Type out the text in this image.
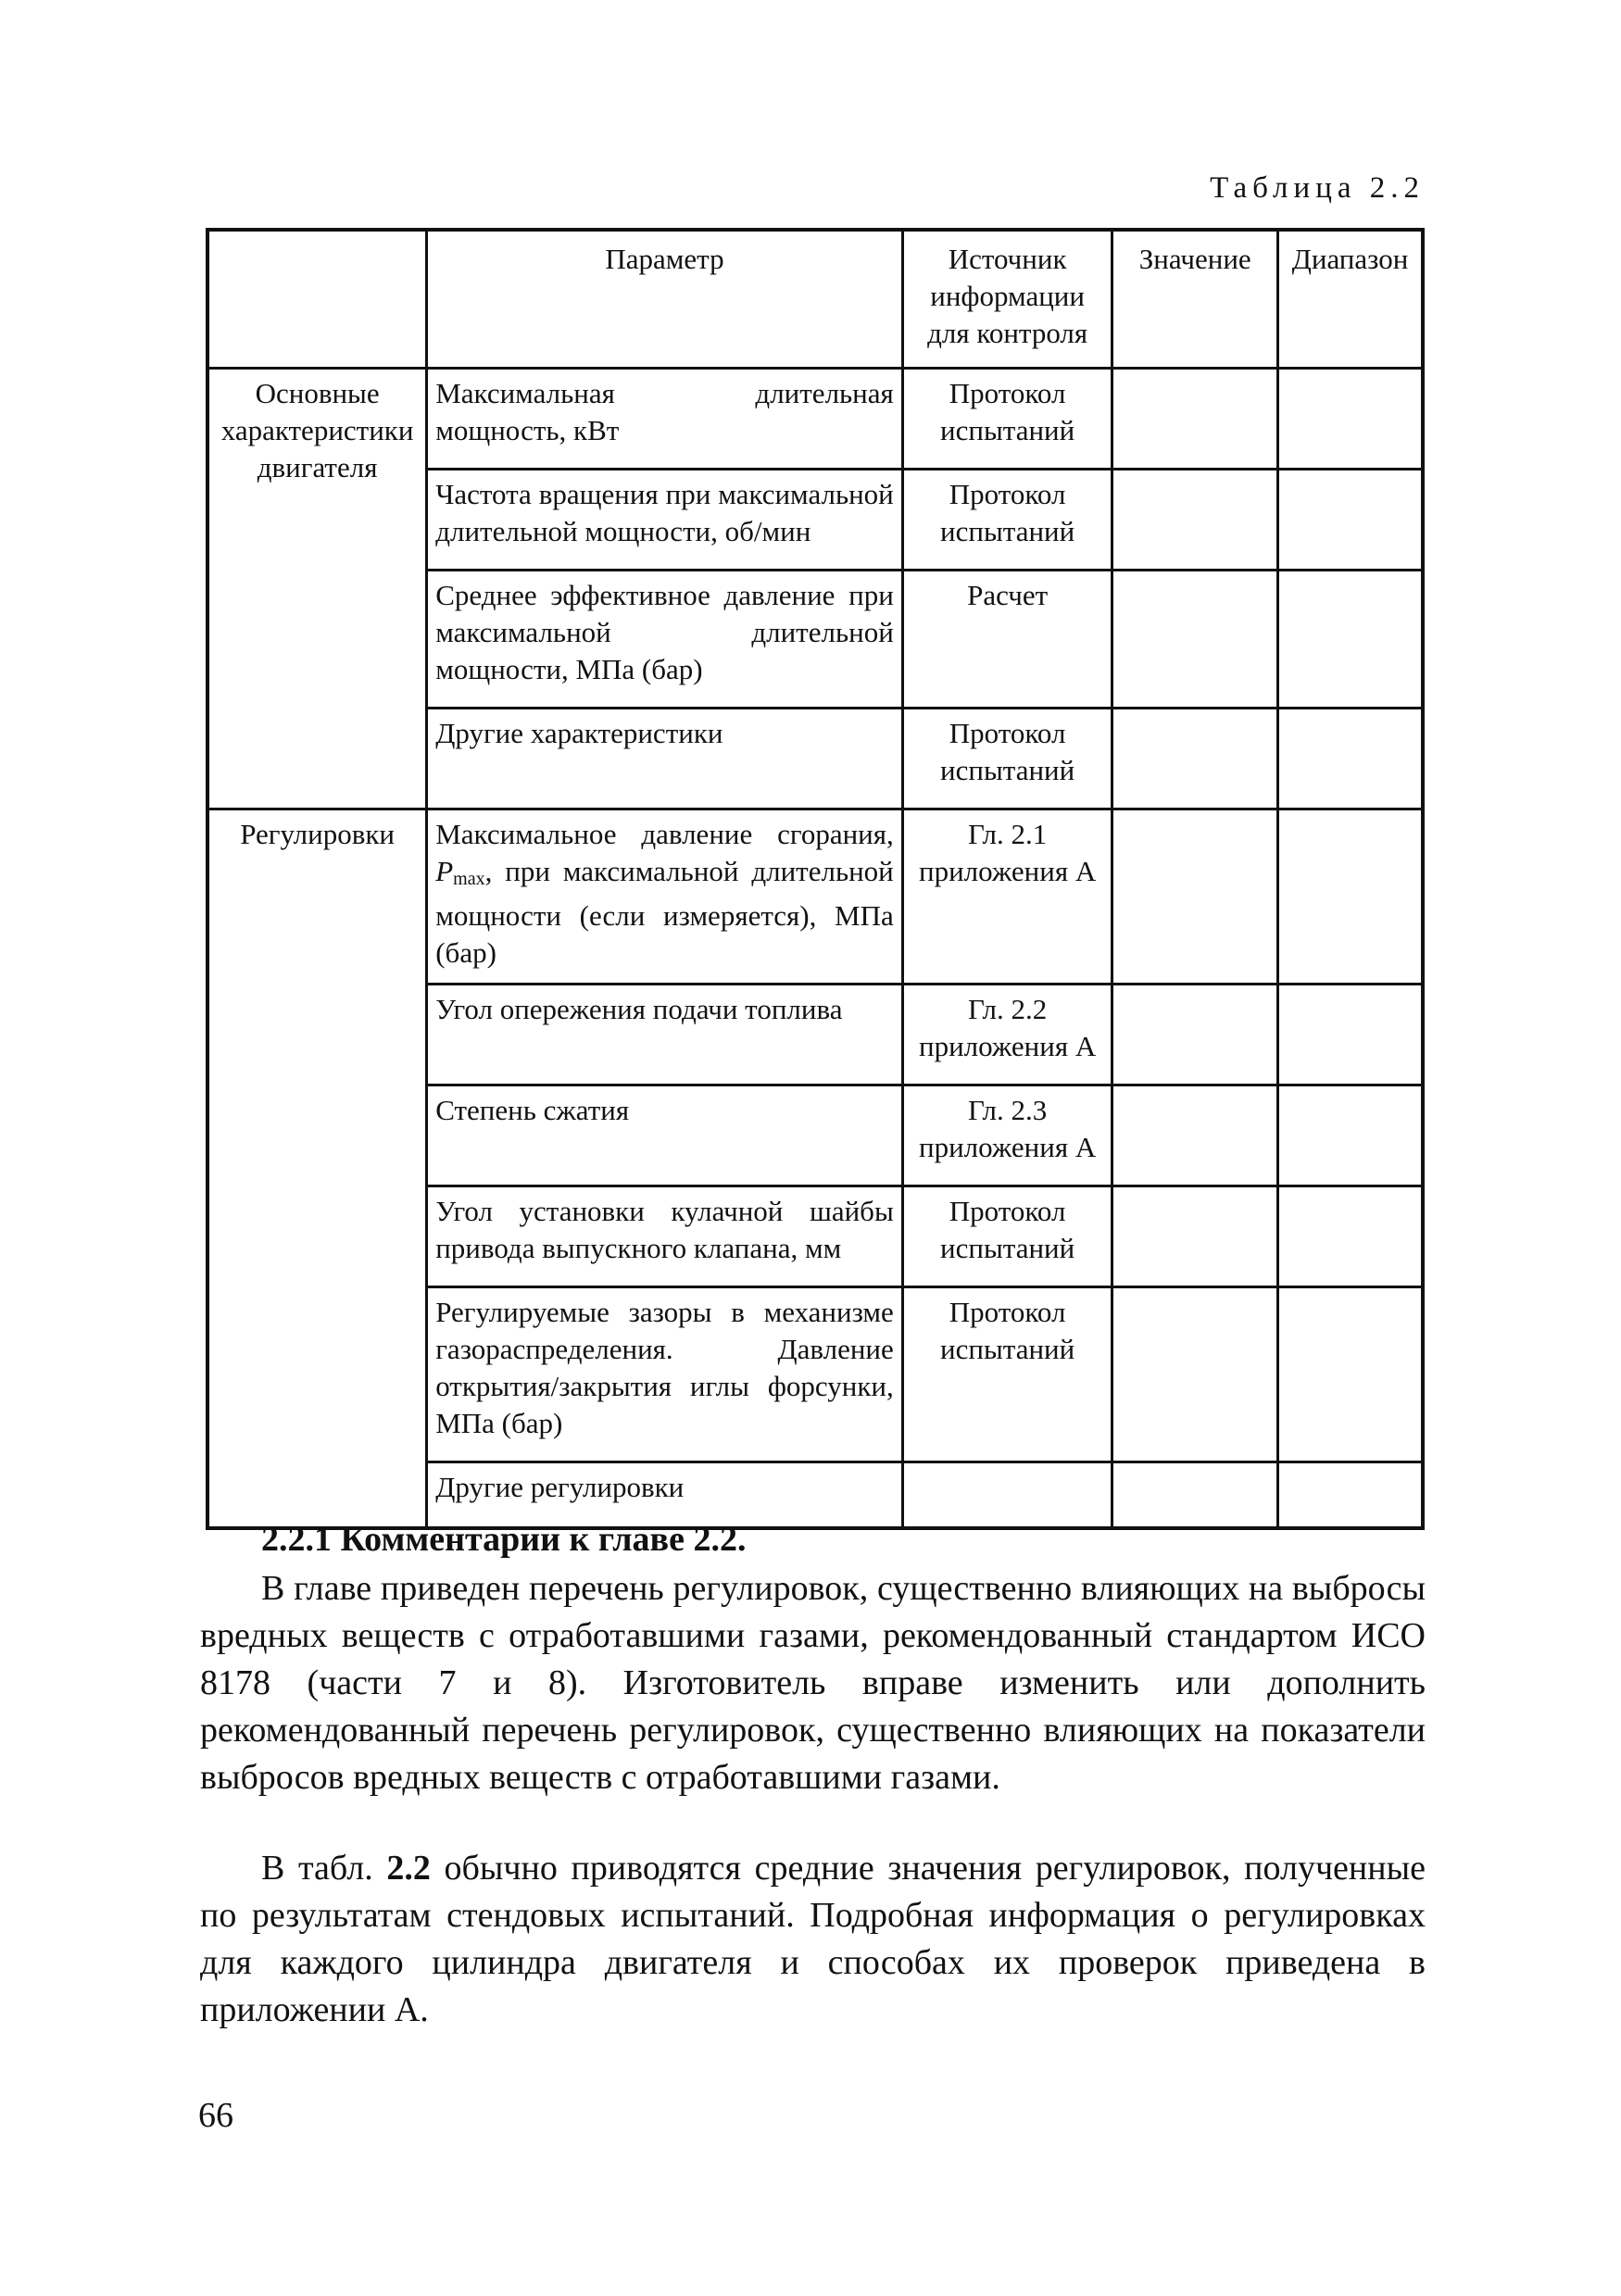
Таблица 2.2
	Параметр	Источник информации для контроля	Значение	Диапазон
Основные характеристики двигателя	Максимальная длительная мощность, кВт	Протокол испытаний		
	Частота вращения при максимальной длительной мощности, об/мин	Протокол испытаний		
	Среднее эффективное давление при максимальной длительной мощности, МПа (бар)	Расчет		
	Другие характеристики	Протокол испытаний		
Регулировки	Максимальное давление сгорания, $P_{max}$, при максимальной длительной мощности (если измеряется), МПа (бар)	Гл. 2.1 приложения А		
	Угол опережения подачи топлива	Гл. 2.2 приложения А		
	Степень сжатия	Гл. 2.3 приложения А		
	Угол установки кулачной шайбы привода выпускного клапана, мм	Протокол испытаний		
	Регулируемые зазоры в механизме газораспределения. Давление открытия/закрытия иглы форсунки, МПа (бар)	Протокол испытаний		
	Другие регулировки			
2.2.1 Комментарии к главе 2.2.

В главе приведен перечень регулировок, существенно влияющих на выбросы вредных веществ с отработавшими газами, рекомендованный стандартом ИСО 8178 (части 7 и 8). Изготовитель вправе изменить или дополнить рекомендованный перечень регулировок, существенно влияющих на показатели выбросов вредных веществ с отработавшими газами.

В табл. 2.2 обычно приводятся средние значения регулировок, полученные по результатам стендовых испытаний. Подробная информация о регулировках для каждого цилиндра двигателя и способах их проверок приведена в приложении А.

66
